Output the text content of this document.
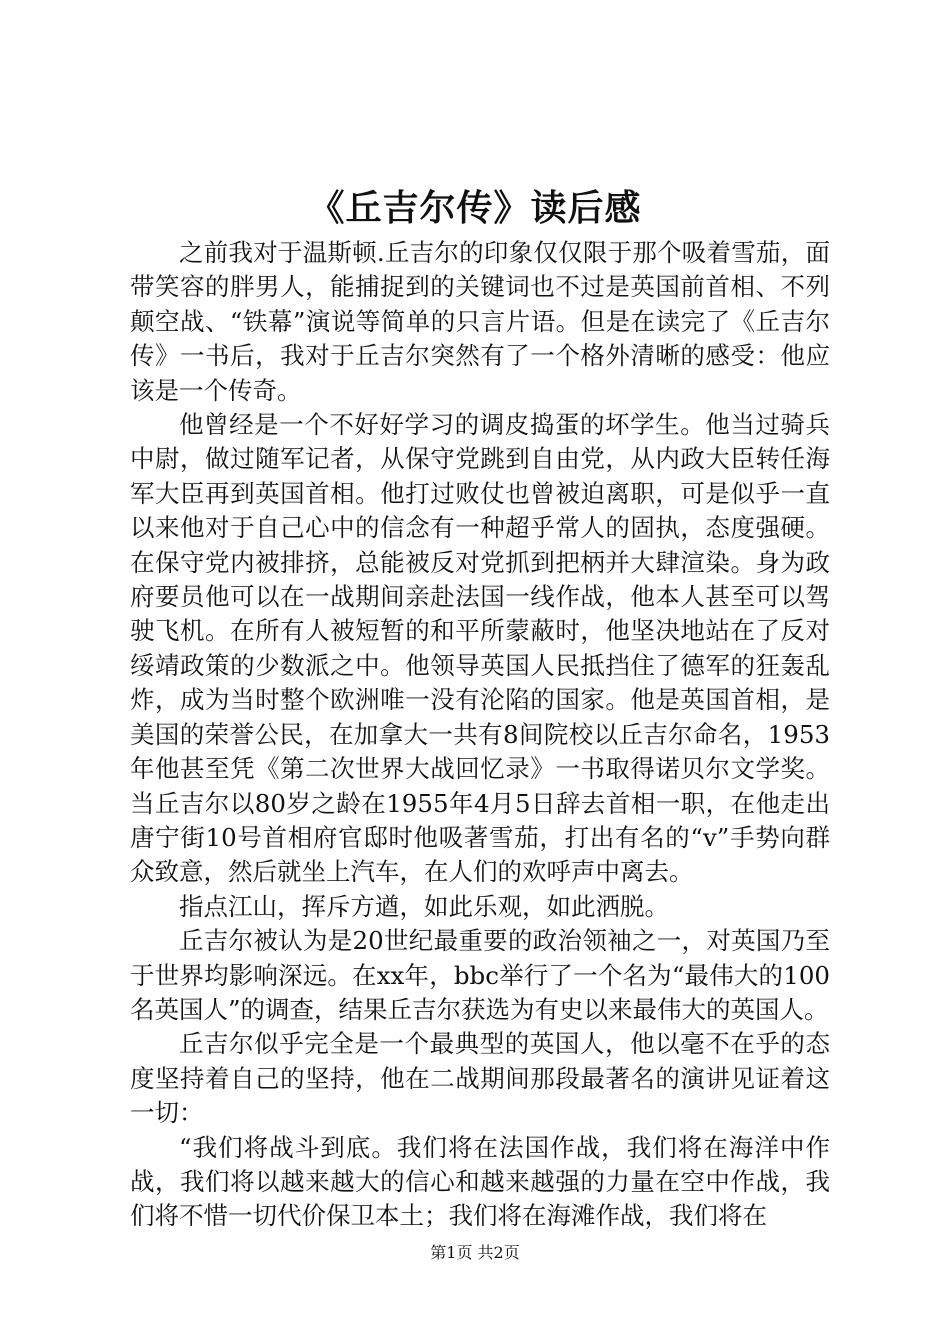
《丘吉尔传》读后感

之前我对于温斯顿.丘吉尔的印象仅仅限于那个吸着雪茄，面带笑容的胖男人，能捕捉到的关键词也不过是英国前首相、不列颠空战、“铁幕”演说等简单的只言片语。但是在读完了《丘吉尔传》一书后，我对于丘吉尔突然有了一个格外清晰的感受：他应该是一个传奇。

他曾经是一个不好好学习的调皮捣蛋的坏学生。他当过骑兵中尉，做过随军记者，从保守党跳到自由党，从内政大臣转任海军大臣再到英国首相。他打过败仗也曾被迫离职，可是似乎一直以来他对于自己心中的信念有一种超乎常人的固执，态度强硬。在保守党内被排挤，总能被反对党抓到把柄并大肆渲染。身为政府要员他可以在一战期间亲赴法国一线作战，他本人甚至可以驾驶飞机。在所有人被短暂的和平所蒙蔽时，他坚决地站在了反对绥靖政策的少数派之中。他领导英国人民抵挡住了德军的狂轰乱炸，成为当时整个欧洲唯一没有沦陷的国家。他是英国首相，是美国的荣誉公民，在加拿大一共有8间院校以丘吉尔命名，1953年他甚至凭《第二次世界大战回忆录》一书取得诺贝尔文学奖。当丘吉尔以80岁之龄在1955年4月5日辞去首相一职，在他走出唐宁街10号首相府官邸时他吸著雪茄，打出有名的“v”手势向群众致意，然后就坐上汽车，在人们的欢呼声中离去。

指点江山，挥斥方遒，如此乐观，如此洒脱。

丘吉尔被认为是20世纪最重要的政治领袖之一，对英国乃至于世界均影响深远。在xx年，bbc举行了一个名为“最伟大的100名英国人”的调查，结果丘吉尔获选为有史以来最伟大的英国人。

丘吉尔似乎完全是一个最典型的英国人，他以毫不在乎的态度坚持着自己的坚持，他在二战期间那段最著名的演讲见证着这一切：

“我们将战斗到底。我们将在法国作战，我们将在海洋中作战，我们将以越来越大的信心和越来越强的力量在空中作战，我们将不惜一切代价保卫本土；我们将在海滩作战，我们将在

第1页 共2页
